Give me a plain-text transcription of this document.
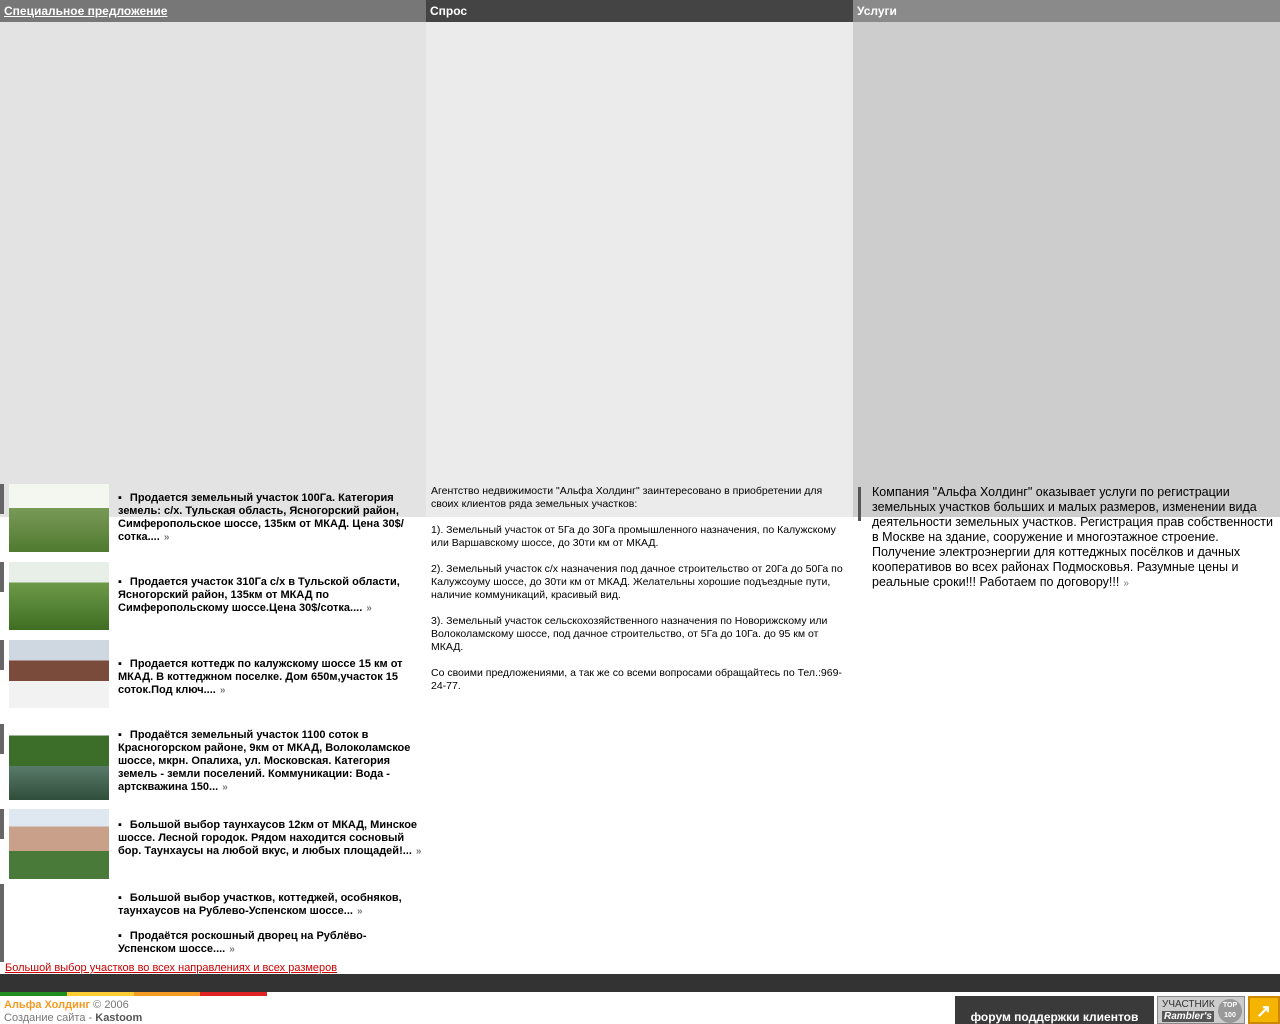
ПОИСК ПО БАЗЕ
Специальное предложение	Спрос	Услуги
▪ Продается земельный участок 100Га. Категория земель: с/х. Тульская область, Ясногорский район, Симферопольское шоссе, 135км от МКАД. Цена 30$/сотка.... »
▪ Продается участок 310Га с/х в Тульской области, Ясногорский район, 135км от МКАД по Симферопольскому шоссе.Цена 30$/сотка.... »
▪ Продается коттедж по калужскому шоссе 15 км от МКАД. В коттеджном поселке. Дом 650м,участок 15 соток.Под ключ.... »
▪ Продаётся земельный участок 1100 соток в Красногорском районе, 9км от МКАД, Волоколамское шоссе, мкрн. Опалиха, ул. Московская. Категория земель - земли поселений. Коммуникации: Вода - артскважина 150... »
▪ Большой выбор таунхаусов 12км от МКАД, Минское шоссе. Лесной городок. Рядом находится сосновый бор. Таунхаусы на любой вкус, и любых площадей!... »
▪ Большой выбор участков, коттеджей, особняков, таунхаусов на Рублево-Успенском шоссе... »
▪ Продаётся роскошный дворец на Рублёво-Успенском шоссе.... »
Большой выбор участков во всех направлениях и всех размеров

Агентство недвижимости "Альфа Холдинг" заинтересовано в приобретении для своих клиентов ряда земельных участков:

1). Земельный участок от 5Га до 30Га промышленного назначения, по Калужскому или Варшавскому шоссе, до 30ти км от МКАД.

2). Земельный участок с/х назначения под дачное строительство от 20Га до 50Га по Калужсоуму шоссе, до 30ти км от МКАД. Желательны хорошие подъездные пути, наличие коммуникаций, красивый вид.

3). Земельный участок сельскохозяйственного назначения по Новорижскому или Волоколамскому шоссе, под дачное строительство, от 5Га до 10Га. до 95 км от МКАД.

Со своими предложениями, а так же со всеми вопросами обращайтесь по Тел.:969-24-77.

Компания "Альфа Холдинг" оказывает услуги по регистрации земельных участков больших и малых размеров, изменении вида деятельности земельных участков. Регистрация прав собственности в Москве на здание, сооружение и многоэтажное строение. Получение электроэнергии для коттеджных посёлков и дачных кооперативов во всех районах Подмосковья. Разумные цены и реальные сроки!!! Работаем по договору!!! »
Альфа Холдинг © 2006
Создание сайта - Kastoom	форум поддержки клиентов
УЧАСТНИК
Rambler's
TOP 100	↗
